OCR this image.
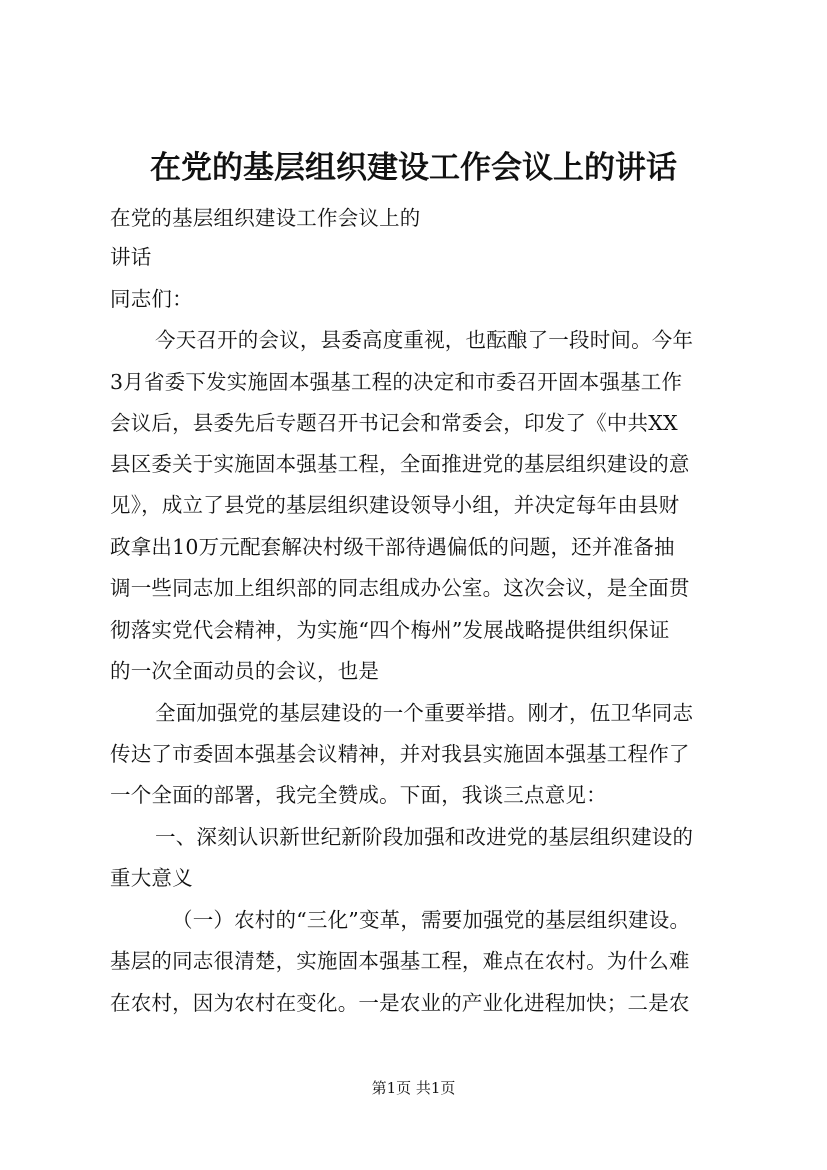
在党的基层组织建设工作会议上的讲话

在党的基层组织建设工作会议上的

讲话

同志们：

今天召开的会议，县委高度重视，也酝酿了一段时间。今年

3月省委下发实施固本强基工程的决定和市委召开固本强基工作

会议后，县委先后专题召开书记会和常委会，印发了《中共XX

县区委关于实施固本强基工程，全面推进党的基层组织建设的意

见》，成立了县党的基层组织建设领导小组，并决定每年由县财

政拿出10万元配套解决村级干部待遇偏低的问题，还并准备抽

调一些同志加上组织部的同志组成办公室。这次会议，是全面贯

彻落实党代会精神，为实施“四个梅州”发展战略提供组织保证

的一次全面动员的会议，也是

全面加强党的基层建设的一个重要举措。刚才，伍卫华同志

传达了市委固本强基会议精神，并对我县实施固本强基工程作了

一个全面的部署，我完全赞成。下面，我谈三点意见：

一、深刻认识新世纪新阶段加强和改进党的基层组织建设的

重大意义

（一）农村的“三化”变革，需要加强党的基层组织建设。

基层的同志很清楚，实施固本强基工程，难点在农村。为什么难

在农村，因为农村在变化。一是农业的产业化进程加快；二是农

第1页 共1页
